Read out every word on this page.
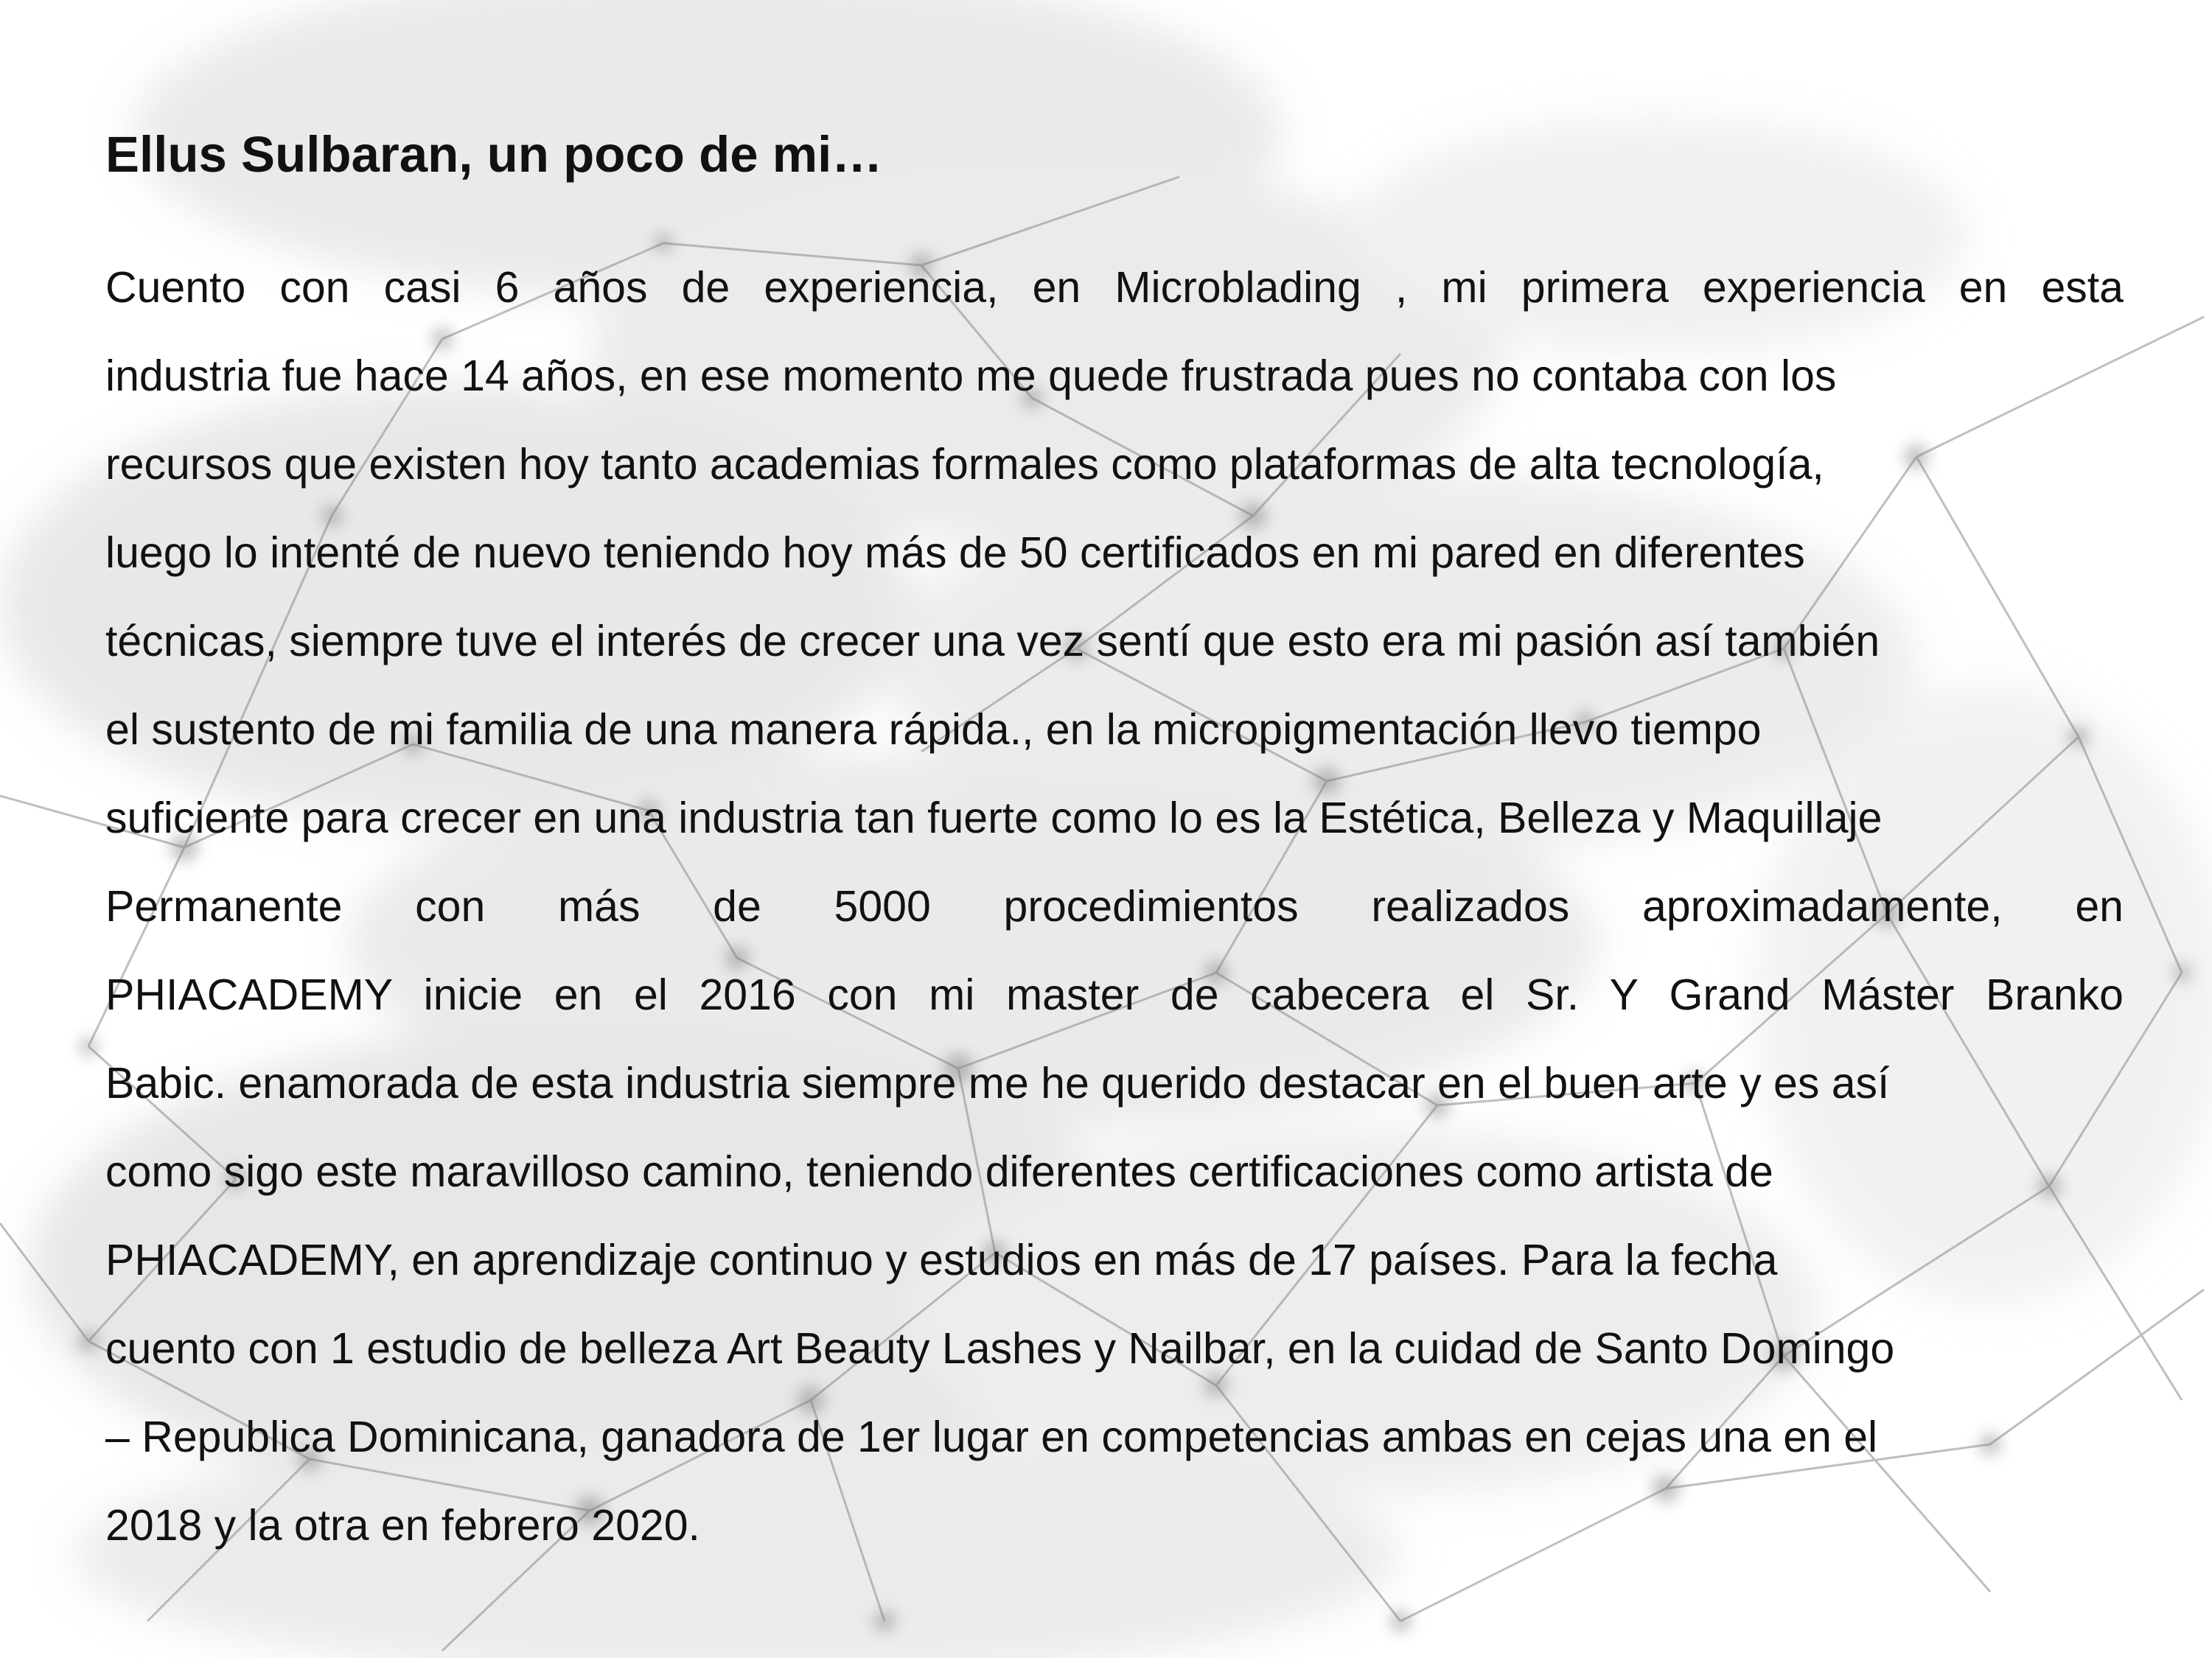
Ellus Sulbaran, un poco de mi…
Cuento con casi 6 años de experiencia, en Microblading , mi primera experiencia en esta
industria fue hace 14 años, en ese momento me quede frustrada pues no contaba con los
recursos que existen hoy tanto academias formales como plataformas de alta tecnología,
luego lo intenté de nuevo teniendo hoy más de 50 certificados en mi pared en diferentes
técnicas, siempre tuve el interés de crecer una vez sentí que esto era mi pasión así también
el sustento de mi familia de una manera rápida., en la micropigmentación llevo tiempo
suficiente para crecer en una industria tan fuerte como lo es la Estética, Belleza y Maquillaje
Permanente con más de 5000 procedimientos realizados aproximadamente, en
PHIACADEMY inicie en el 2016 con mi master de cabecera el Sr. Y Grand Máster Branko
Babic. enamorada de esta industria siempre me he querido destacar en el buen arte y es así
como sigo este maravilloso camino, teniendo diferentes certificaciones como artista de
PHIACADEMY, en aprendizaje continuo y estudios en más de 17 países. Para la fecha
cuento con 1 estudio de belleza Art Beauty Lashes y Nailbar, en la cuidad de Santo Domingo
– Republica Dominicana, ganadora de 1er lugar en competencias ambas en cejas una en el
2018 y la otra en febrero 2020.
